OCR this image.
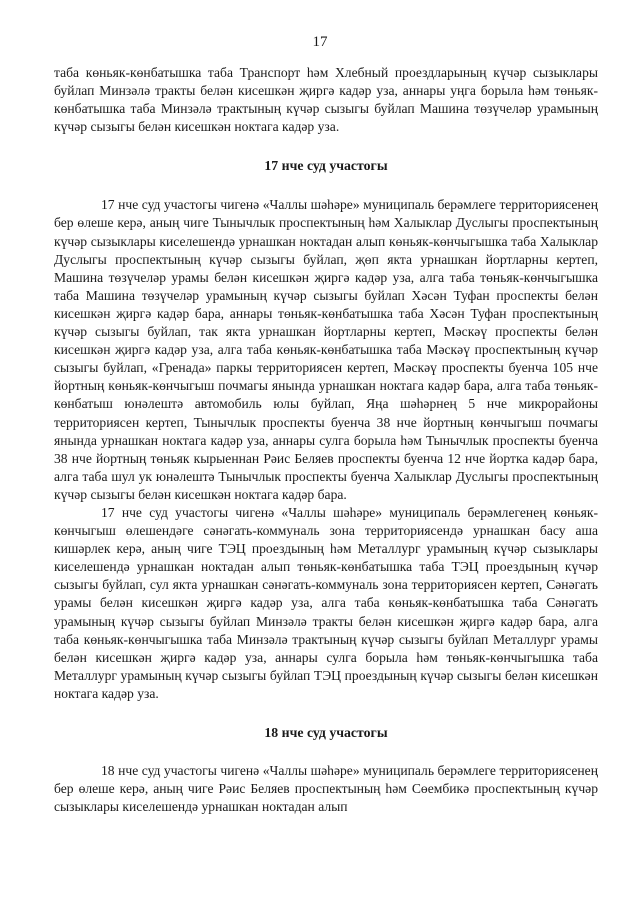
17

таба көньяк-көнбатышка таба Транспорт һәм Хлебный проездларының күчәр сызыклары буйлап Минзәлә тракты белән кисешкән җиргә кадәр уза, аннары уңга борыла һәм төньяк-көнбатышка таба Минзәлә трактының күчәр сызыгы буйлап Машина төзүчеләр урамының күчәр сызыгы белән кисешкән ноктага кадәр уза.

17 нче суд участогы

17 нче суд участогы чигенә «Чаллы шәһәре» муниципаль берәмлеге территориясенең бер өлеше керә, аның чиге Тынычлык проспектының һәм Халыклар Дуслыгы проспектының күчәр сызыклары киселешендә урнашкан ноктадан алып көньяк-көнчыгышка таба Халыклар Дуслыгы проспектының күчәр сызыгы буйлап, җөп якта урнашкан йортларны кертеп, Машина төзүчеләр урамы белән кисешкән җиргә кадәр уза, алга таба төньяк-көнчыгышка таба Машина төзүчеләр урамының күчәр сызыгы буйлап Хәсән Туфан проспекты белән кисешкән җиргә кадәр бара, аннары төньяк-көнбатышка таба Хәсән Туфан проспектының күчәр сызыгы буйлап, так якта урнашкан йортларны кертеп, Мәскәү проспекты белән кисешкән җиргә кадәр уза, алга таба көньяк-көнбатышка таба Мәскәү проспектының күчәр сызыгы буйлап, «Гренада» паркы территориясен кертеп, Мәскәү проспекты буенча 105 нче йортның көньяк-көнчыгыш почмагы янында урнашкан ноктага кадәр бара, алга таба төньяк-көнбатыш юнәлештә автомобиль юлы буйлап, Яңа шәһәрнең 5 нче микрорайоны территориясен кертеп, Тынычлык проспекты буенча 38 нче йортның көнчыгыш почмагы янында урнашкан ноктага кадәр уза, аннары сулга борыла һәм Тынычлык проспекты буенча 38 нче йортның төньяк кырыеннан Рәис Беляев проспекты буенча 12 нче йортка кадәр бара, алга таба шул ук юнәлештә Тынычлык проспекты буенча Халыклар Дуслыгы проспектының күчәр сызыгы белән кисешкән ноктага кадәр бара.

17 нче суд участогы чигенә «Чаллы шәһәре» муниципаль берәмлегенең көньяк-көнчыгыш өлешендәге сәнәгать-коммуналь зона территориясендә урнашкан басу аша кишәрлек керә, аның чиге ТЭЦ проездының һәм Металлург урамының күчәр сызыклары киселешендә урнашкан ноктадан алып төньяк-көнбатышка таба ТЭЦ проездының күчәр сызыгы буйлап, сул якта урнашкан сәнәгать-коммуналь зона территориясен кертеп, Сәнәгать урамы белән кисешкән җиргә кадәр уза, алга таба көньяк-көнбатышка таба Сәнәгать урамының күчәр сызыгы буйлап Минзәлә тракты белән кисешкән җиргә кадәр бара, алга таба көньяк-көнчыгышка таба Минзәлә трактының күчәр сызыгы буйлап Металлург урамы белән кисешкән җиргә кадәр уза, аннары сулга борыла һәм төньяк-көнчыгышка таба Металлург урамының күчәр сызыгы буйлап ТЭЦ проездының күчәр сызыгы белән кисешкән ноктага кадәр уза.

18 нче суд участогы

18 нче суд участогы чигенә «Чаллы шәһәре» муниципаль берәмлеге территориясенең бер өлеше керә, аның чиге Рәис Беляев проспектының һәм Сөембикә проспектының күчәр сызыклары киселешендә урнашкан ноктадан алып
